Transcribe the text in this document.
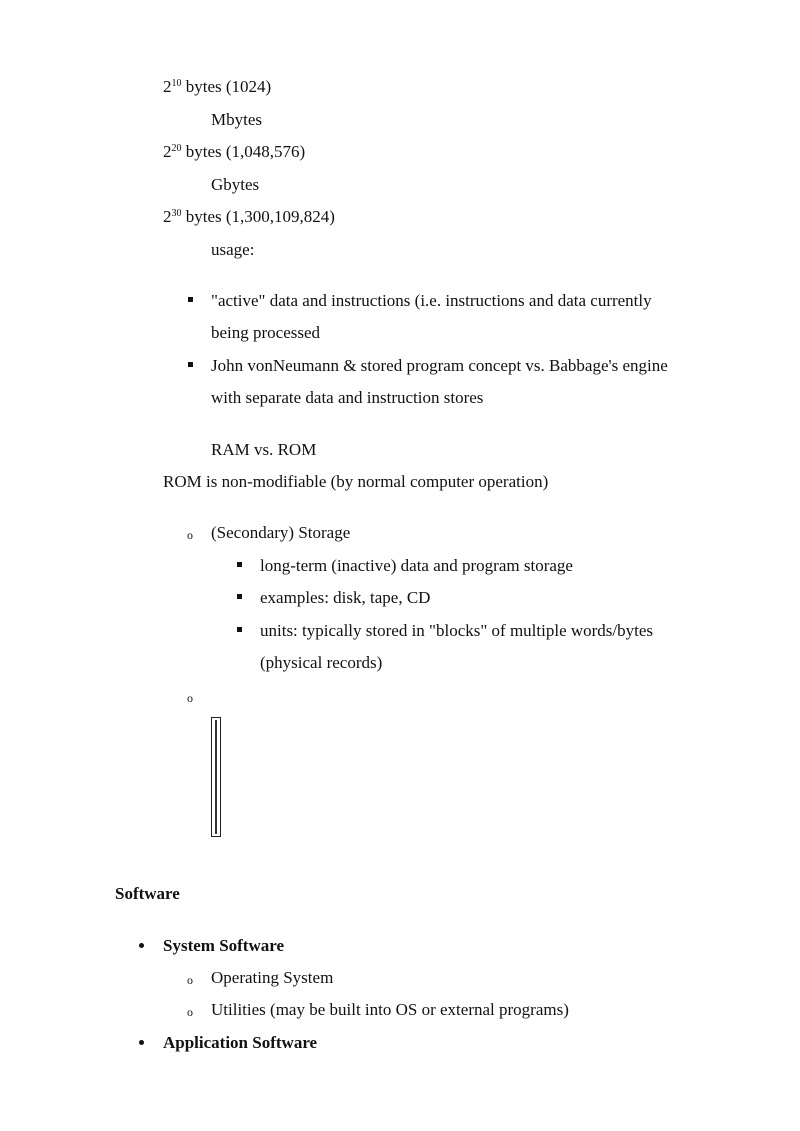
$2^{10}$ bytes (1024)
Mbytes
$2^{20}$ bytes (1,048,576)
Gbytes
$2^{30}$ bytes (1,300,109,824)
usage:
"active" data and instructions (i.e. instructions and data currently
being processed
John vonNeumann & stored program concept vs. Babbage's engine
with separate data and instruction stores
RAM vs. ROM
ROM is non-modifiable (by normal computer operation)
o (Secondary) Storage
long-term (inactive) data and program storage
examples: disk, tape, CD
units: typically stored in "blocks" of multiple words/bytes
(physical records)
o
Software
System Software
o Operating System
o Utilities (may be built into OS or external programs)
Application Software
